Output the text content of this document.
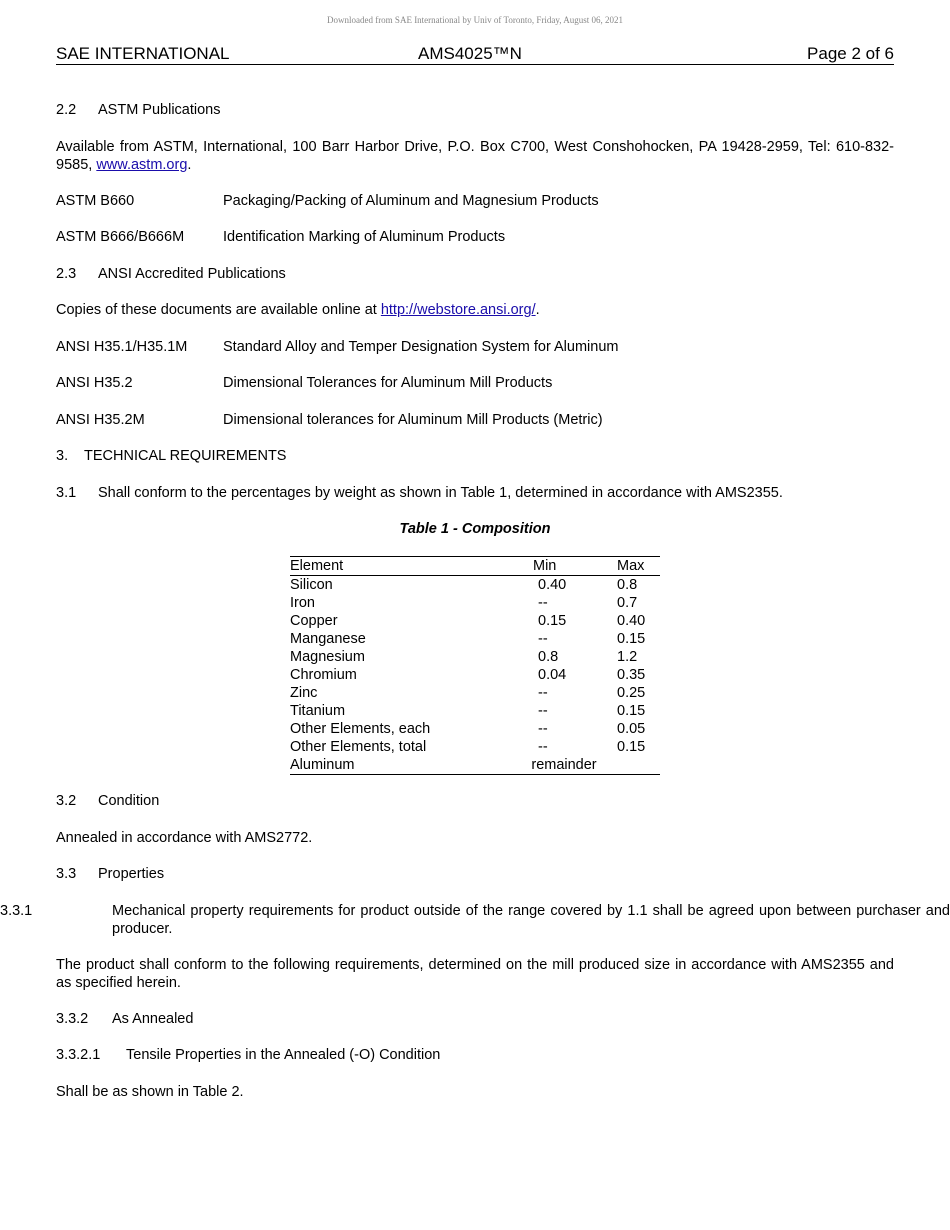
Downloaded from SAE International by Univ of Toronto, Friday, August 06, 2021
SAE INTERNATIONAL	AMS4025™N	Page 2 of 6
2.2 ASTM Publications
Available from ASTM, International, 100 Barr Harbor Drive, P.O. Box C700, West Conshohocken, PA 19428-2959, Tel: 610-832-9585, www.astm.org.
ASTM B660	Packaging/Packing of Aluminum and Magnesium Products
ASTM B666/B666M	Identification Marking of Aluminum Products
2.3 ANSI Accredited Publications
Copies of these documents are available online at http://webstore.ansi.org/.
ANSI H35.1/H35.1M Standard Alloy and Temper Designation System for Aluminum
ANSI H35.2	Dimensional Tolerances for Aluminum Mill Products
ANSI H35.2M	Dimensional tolerances for Aluminum Mill Products (Metric)
3. TECHNICAL REQUIREMENTS
3.1 Shall conform to the percentages by weight as shown in Table 1, determined in accordance with AMS2355.
Table 1 - Composition
Element	Min	Max
Silicon	0.40	0.8
Iron	--	0.7
Copper	0.15	0.40
Manganese	--	0.15
Magnesium	0.8	1.2
Chromium	0.04	0.35
Zinc	--	0.25
Titanium	--	0.15
Other Elements, each	--	0.05
Other Elements, total	--	0.15
Aluminum	remainder	
3.2 Condition
Annealed in accordance with AMS2772.
3.3 Properties
3.3.1	Mechanical property requirements for product outside of the range covered by 1.1 shall be agreed upon between purchaser and producer.
The product shall conform to the following requirements, determined on the mill produced size in accordance with AMS2355 and as specified herein.
3.3.2 As Annealed
3.3.2.1 Tensile Properties in the Annealed (-O) Condition
Shall be as shown in Table 2.
